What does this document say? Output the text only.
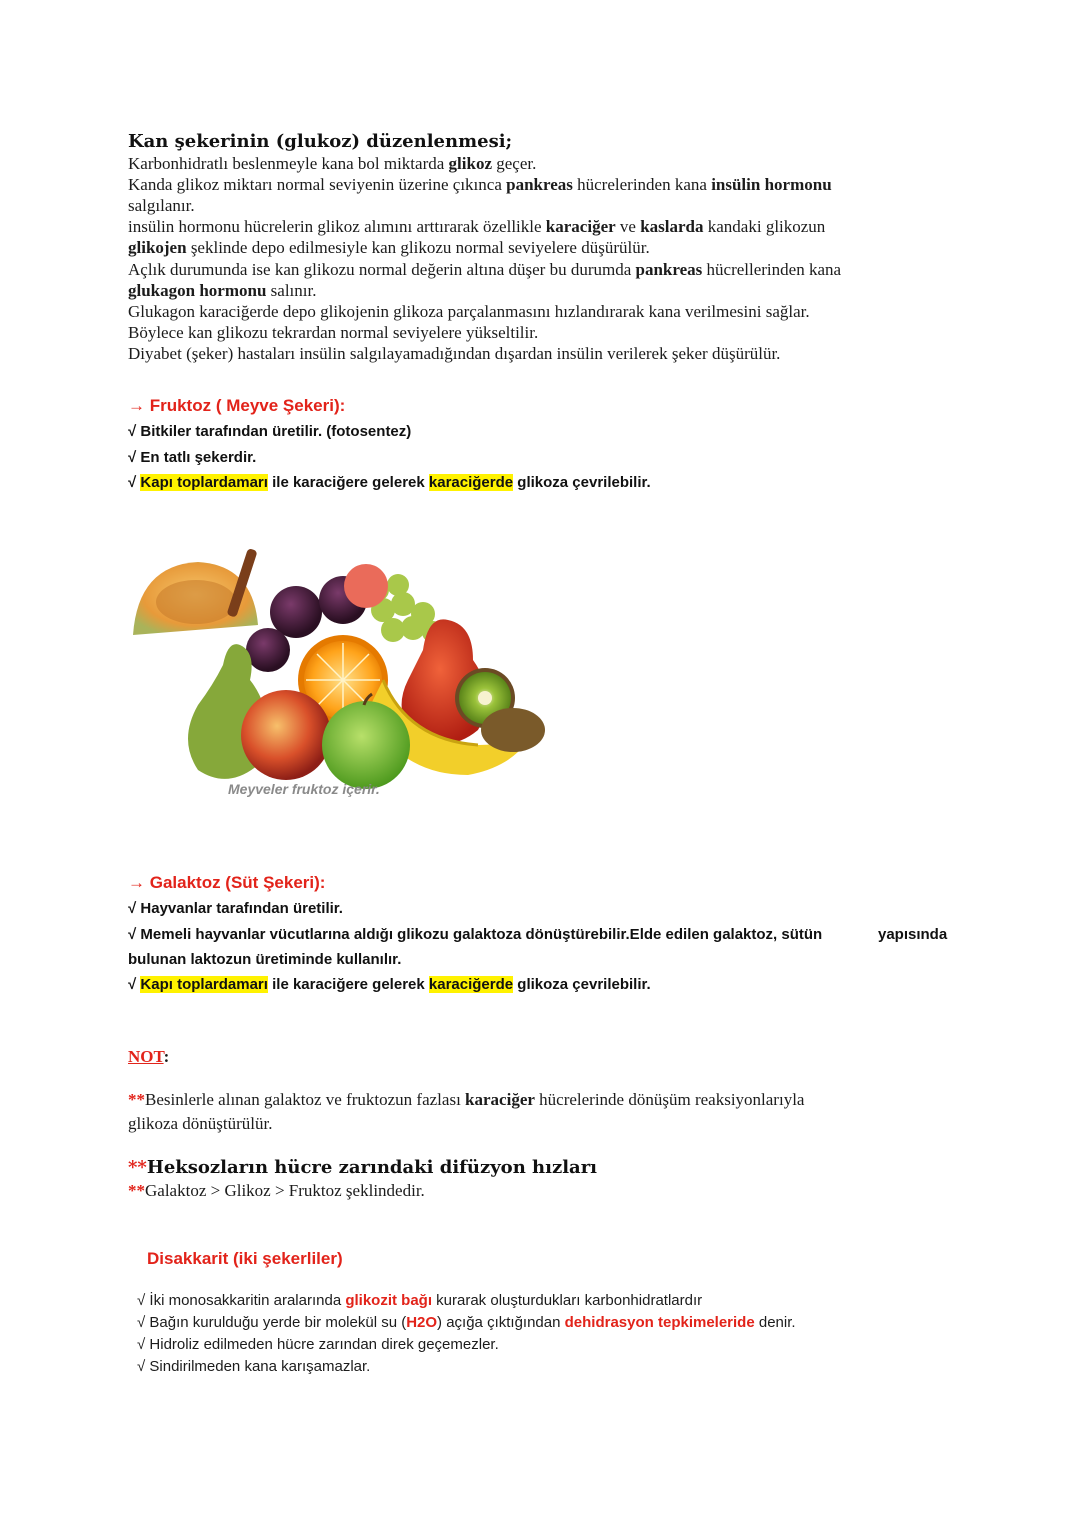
Kan şekerinin (glukoz) düzenlenmesi;
Karbonhidratlı beslenmeyle kana bol miktarda glikoz geçer.
Kanda glikoz miktarı normal seviyenin üzerine çıkınca pankreas hücrelerinden kana insülin hormonu
salgılanır.
insülin hormonu hücrelerin glikoz alımını arttırarak özellikle karaciğer ve kaslarda kandaki glikozun
glikojen şeklinde depo edilmesiyle kan glikozu normal seviyelere düşürülür.
Açlık durumunda ise kan glikozu normal değerin altına düşer bu durumda pankreas hücrellerinden kana
glukagon hormonu salınır.
Glukagon karaciğerde depo glikojenin glikoza parçalanmasını hızlandırarak kana verilmesini sağlar.
Böylece kan glikozu tekrardan normal seviyelere yükseltilir.
Diyabet (şeker) hastaları insülin salgılayamadığından dışardan insülin verilerek şeker düşürülür.
→ Fruktoz ( Meyve Şekeri):
√ Bitkiler tarafından üretilir. (fotosentez)
√ En tatlı şekerdir.
√ Kapı toplardamarı ile karaciğere gelerek karaciğerde glikoza çevrilebilir.
Meyveler fruktoz içerir.
→ Galaktoz (Süt Şekeri):
√ Hayvanlar tarafından üretilir.
√ Memeli hayvanlar vücutlarına aldığı glikozu galaktoza dönüştürebilir.Elde edilen galaktoz, sütün	yapısında
bulunan laktozun üretiminde kullanılır.
√ Kapı toplardamarı ile karaciğere gelerek karaciğerde glikoza çevrilebilir.
NOT:
**Besinlerle alınan galaktoz ve fruktozun fazlası karaciğer hücrelerinde dönüşüm reaksiyonlarıyla
glikoza dönüştürülür.
**Heksozların hücre zarındaki difüzyon hızları
**Galaktoz > Glikoz > Fruktoz şeklindedir.
Disakkarit (iki şekerliler)
√ İki monosakkaritin aralarında glikozit bağı kurarak oluşturdukları karbonhidratlardır
√ Bağın kurulduğu yerde bir molekül su (H2O) açığa çıktığından dehidrasyon tepkimeleride denir.
√ Hidroliz edilmeden hücre zarından direk geçemezler.
√ Sindirilmeden kana karışamazlar.
